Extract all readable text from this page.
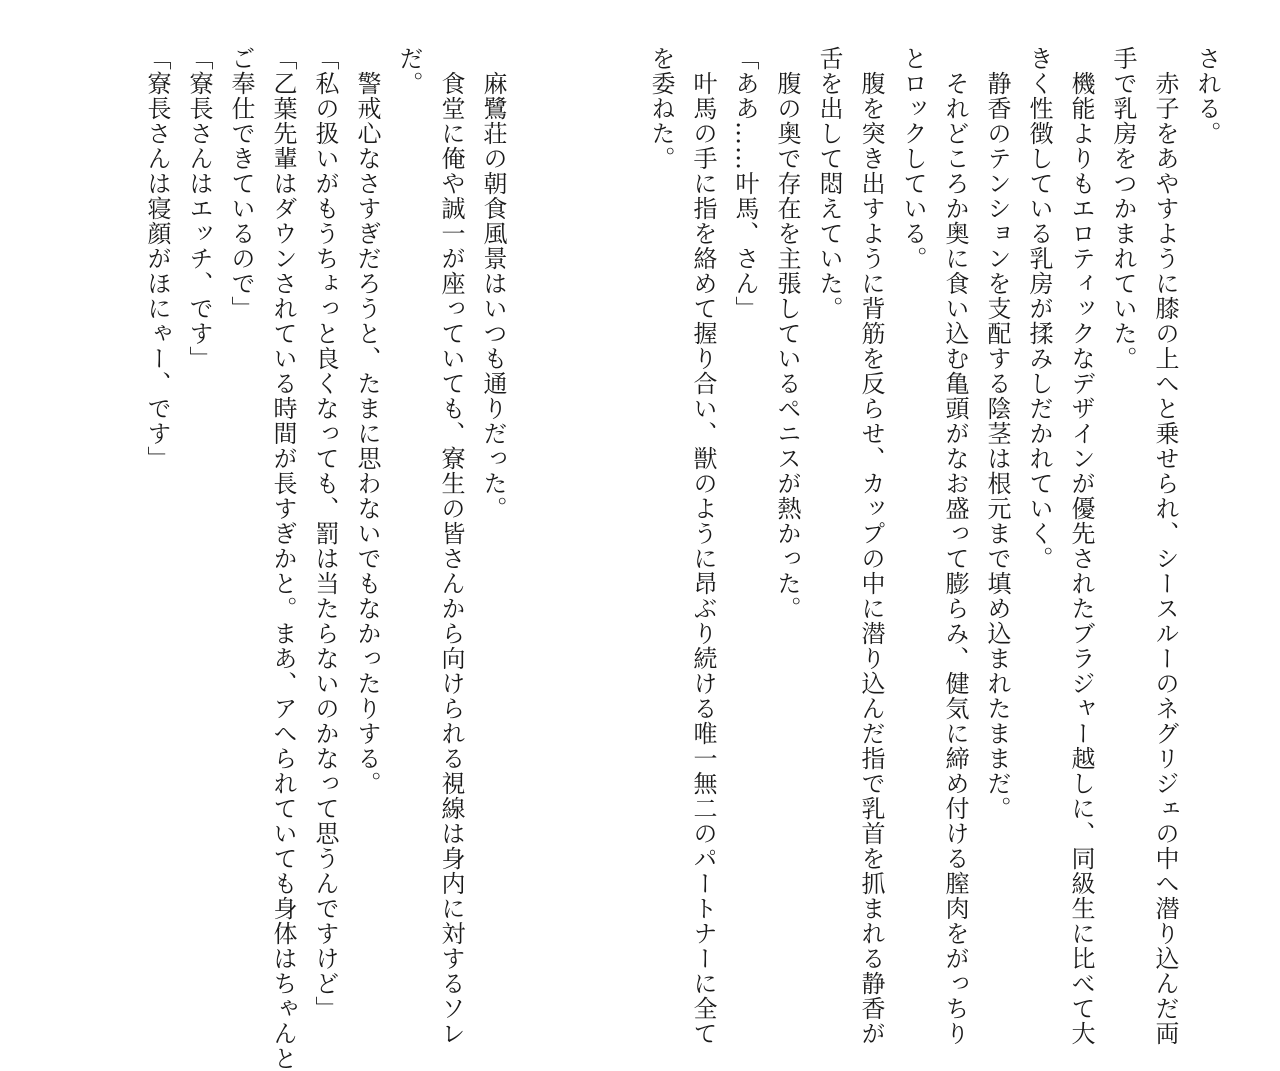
される。
　赤子をあやすように膝の上へと乗せられ、シースルーのネグリジェの中へ潜り込んだ両
手で乳房をつかまれていた。
　機能よりもエロティックなデザインが優先されたブラジャー越しに、同級生に比べて大
きく性徴している乳房が揉みしだかれていく。
　静香のテンションを支配する陰茎は根元まで填め込まれたままだ。
　それどころか奥に食い込む亀頭がなお盛って膨らみ、健気に締め付ける膣肉をがっちり
とロックしている。
　腹を突き出すように背筋を反らせ、カップの中に潜り込んだ指で乳首を抓まれる静香が
舌を出して悶えていた。
　腹の奥で存在を主張しているペニスが熱かった。
「ああ……叶馬、さん」
　叶馬の手に指を絡めて握り合い、獣のように昂ぶり続ける唯一無二のパートナーに全て
を委ねた。
　麻鷺荘の朝食風景はいつも通りだった。
　食堂に俺や誠一が座っていても、寮生の皆さんから向けられる視線は身内に対するソレ
だ。
　警戒心なさすぎだろうと、たまに思わないでもなかったりする。
「私の扱いがもうちょっと良くなっても、罰は当たらないのかなって思うんですけど」
「乙葉先輩はダウンされている時間が長すぎかと。まあ、アへられていても身体はちゃんと
ご奉仕できているので」
「寮長さんはエッチ、です」
「寮長さんは寝顔がほにゃー、です」
